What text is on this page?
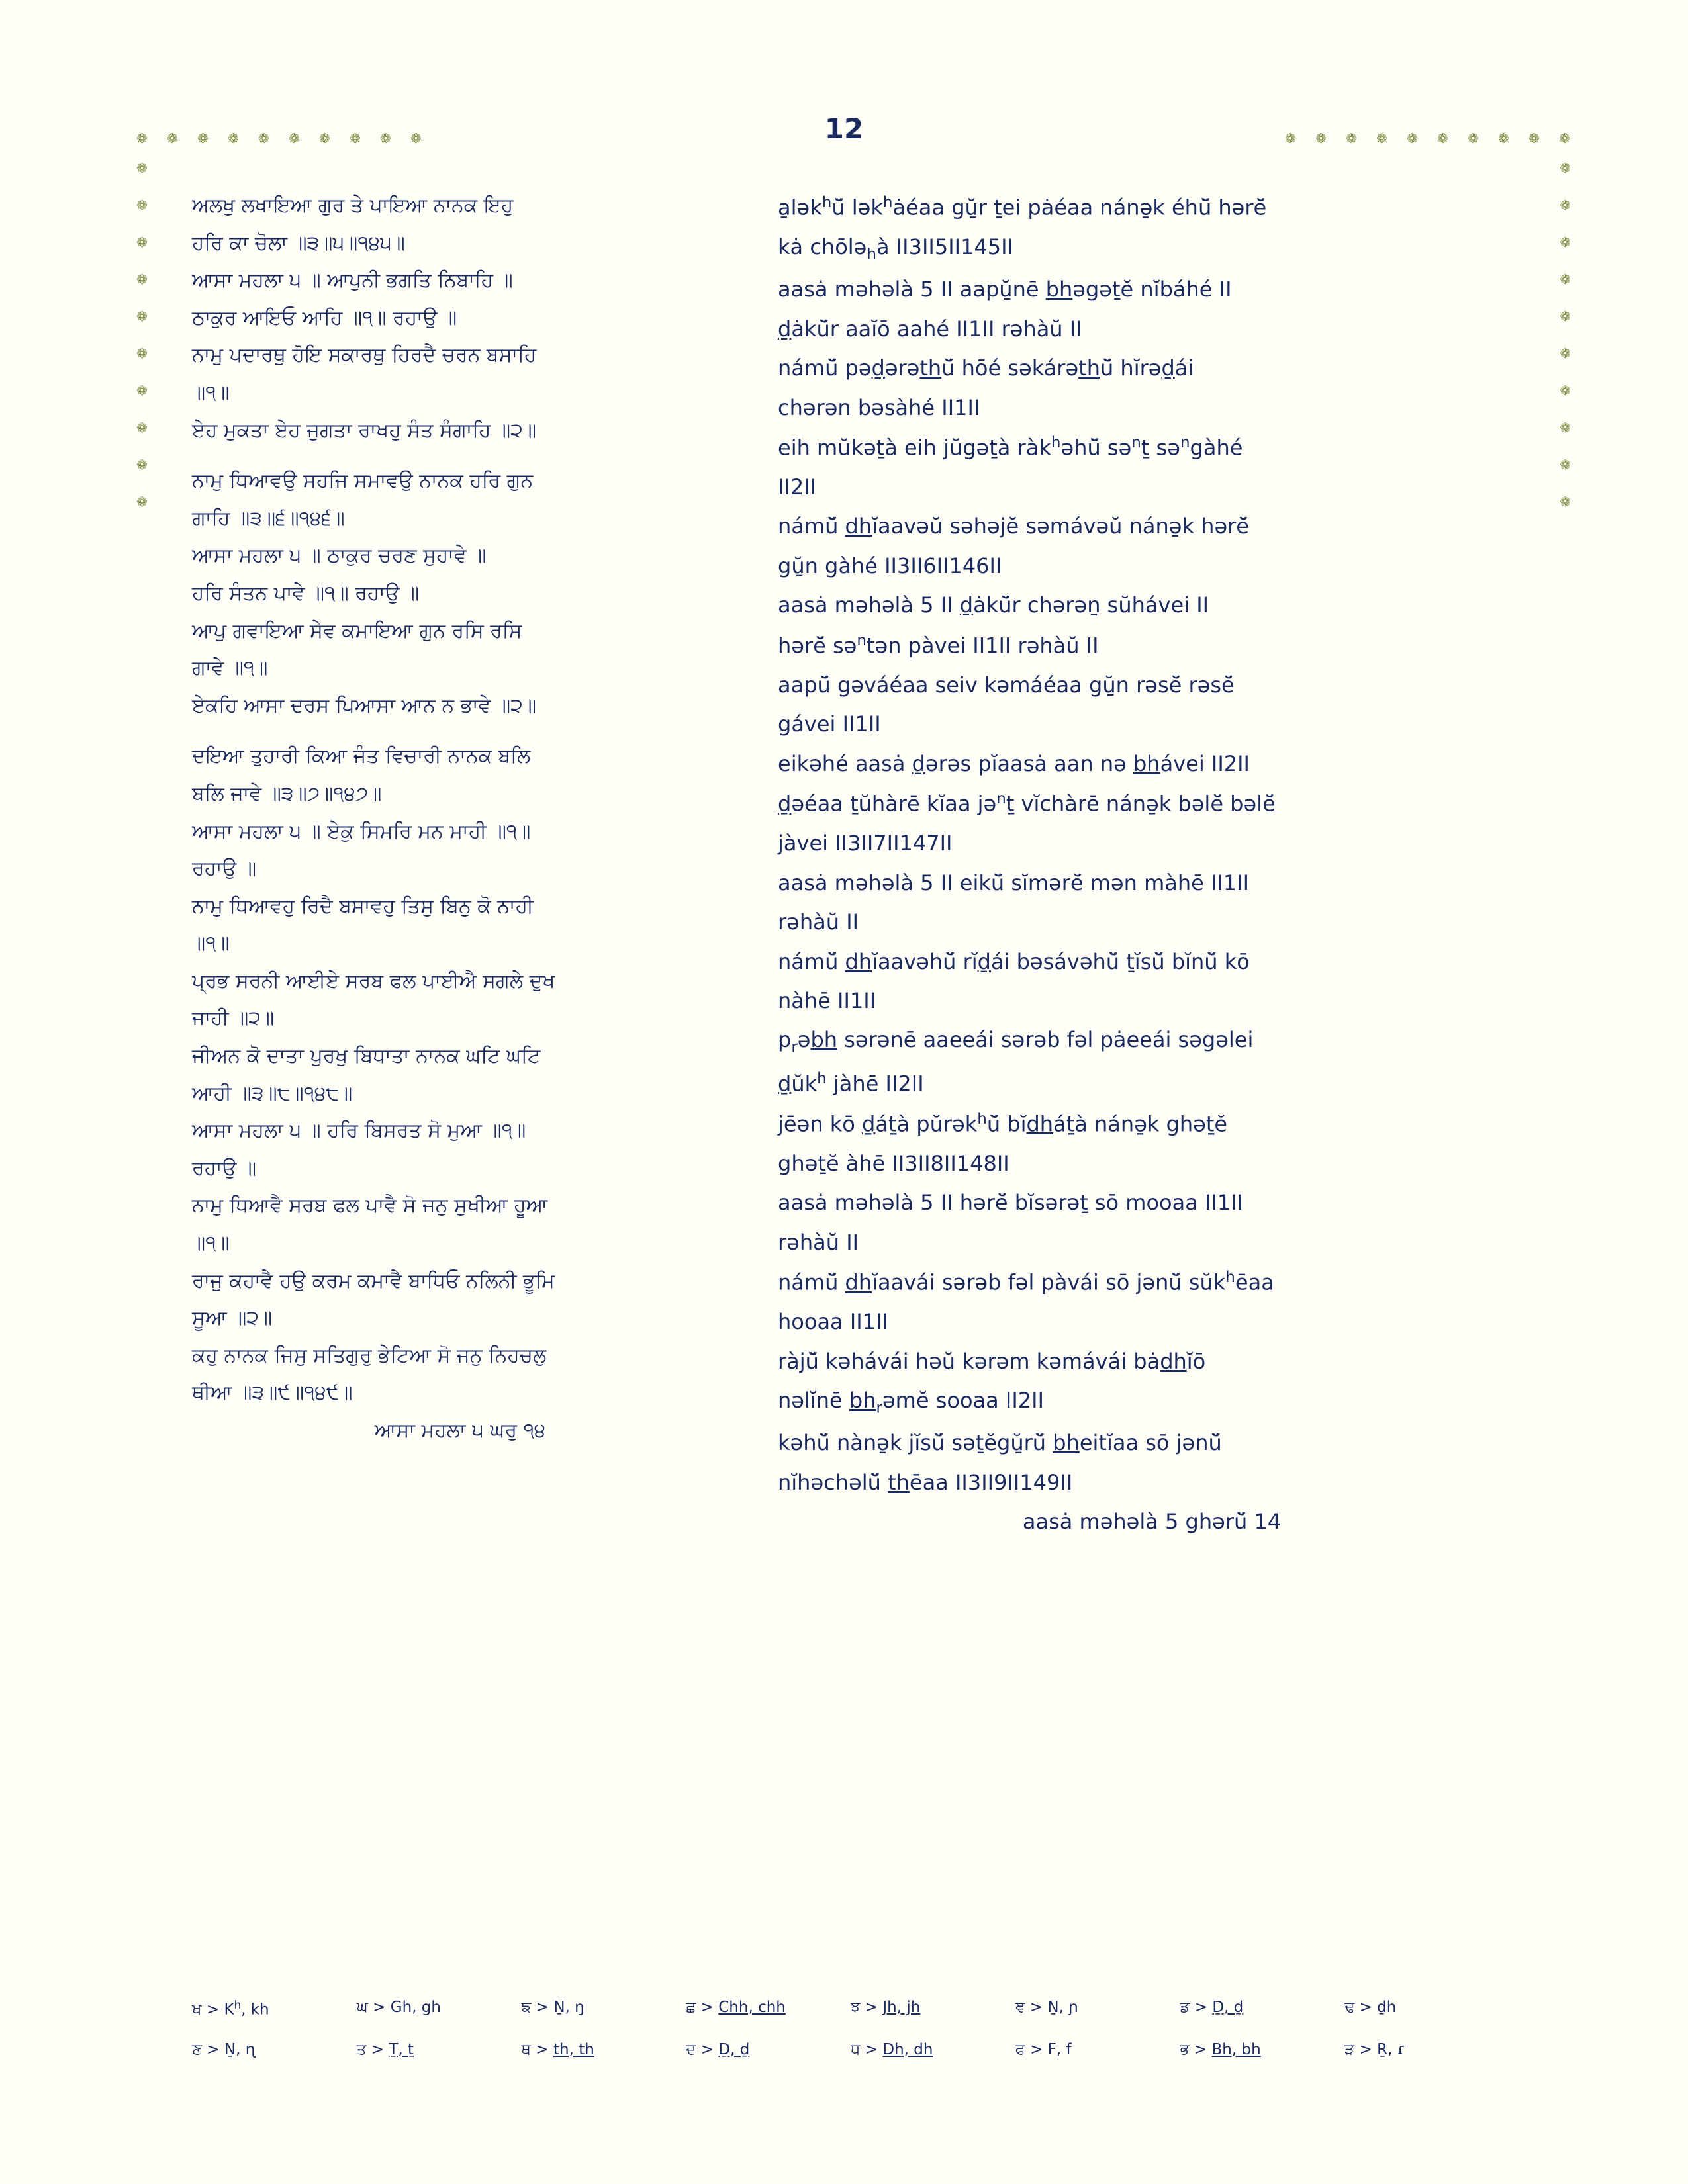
12
❁ ❁ ❁ ❁ ❁ ❁ ❁ ❁ ❁ ❁	❁ ❁ ❁ ❁ ❁ ❁ ❁ ❁ ❁ ❁
❁
❁
❁
❁
❁
❁
❁
❁
❁
❁
❁
❁
❁
❁
❁
❁
❁
❁
❁
❁
ਅਲਖੁ ਲਖਾਇਆ ਗੁਰ ਤੇ ਪਾਇਆ ਨਾਨਕ ਇਹੁ
ਹਰਿ ਕਾ ਚੋਲਾ ॥੩॥੫॥੧੪੫॥
ਆਸਾ ਮਹਲਾ ੫ ॥ ਆਪੁਨੀ ਭਗਤਿ ਨਿਬਾਹਿ ॥
ਠਾਕੁਰ ਆਇਓ ਆਹਿ ॥੧॥ ਰਹਾਉ ॥
ਨਾਮੁ ਪਦਾਰਥੁ ਹੋਇ ਸਕਾਰਥੁ ਹਿਰਦੈ ਚਰਨ ਬਸਾਹਿ
॥੧॥
ਏਹ ਮੁਕਤਾ ਏਹ ਜੁਗਤਾ ਰਾਖਹੁ ਸੰਤ ਸੰਗਾਹਿ ॥੨॥
ਨਾਮੁ ਧਿਆਵਉ ਸਹਜਿ ਸਮਾਵਉ ਨਾਨਕ ਹਰਿ ਗੁਨ
ਗਾਹਿ ॥੩॥੬॥੧੪੬॥
ਆਸਾ ਮਹਲਾ ੫ ॥ ਠਾਕੁਰ ਚਰਣ ਸੁਹਾਵੇ ॥
ਹਰਿ ਸੰਤਨ ਪਾਵੇ ॥੧॥ ਰਹਾਉ ॥
ਆਪੁ ਗਵਾਇਆ ਸੇਵ ਕਮਾਇਆ ਗੁਨ ਰਸਿ ਰਸਿ
ਗਾਵੇ ॥੧॥
ਏਕਹਿ ਆਸਾ ਦਰਸ ਪਿਆਸਾ ਆਨ ਨ ਭਾਵੇ ॥੨॥
ਦਇਆ ਤੁਹਾਰੀ ਕਿਆ ਜੰਤ ਵਿਚਾਰੀ ਨਾਨਕ ਬਲਿ
ਬਲਿ ਜਾਵੇ ॥੩॥੭॥੧੪੭॥
ਆਸਾ ਮਹਲਾ ੫ ॥ ਏਕੁ ਸਿਮਰਿ ਮਨ ਮਾਹੀ ॥੧॥
ਰਹਾਉ ॥
ਨਾਮੁ ਧਿਆਵਹੁ ਰਿਦੈ ਬਸਾਵਹੁ ਤਿਸੁ ਬਿਨੁ ਕੋ ਨਾਹੀ
॥੧॥
ਪ੍ਰਭ ਸਰਨੀ ਆਈਏ ਸਰਬ ਫਲ ਪਾਈਐ ਸਗਲੇ ਦੁਖ
ਜਾਹੀ ॥੨॥
ਜੀਅਨ ਕੋ ਦਾਤਾ ਪੁਰਖੁ ਬਿਧਾਤਾ ਨਾਨਕ ਘਟਿ ਘਟਿ
ਆਹੀ ॥੩॥੮॥੧੪੮॥
ਆਸਾ ਮਹਲਾ ੫ ॥ ਹਰਿ ਬਿਸਰਤ ਸੋ ਮੁਆ ॥੧॥
ਰਹਾਉ ॥
ਨਾਮੁ ਧਿਆਵੈ ਸਰਬ ਫਲ ਪਾਵੈ ਸੋ ਜਨੁ ਸੁਖੀਆ ਹੂਆ
॥੧॥
ਰਾਜੁ ਕਹਾਵੈ ਹਉ ਕਰਮ ਕਮਾਵੈ ਬਾਧਿਓ ਨਲਿਨੀ ਭੂਮਿ
ਸੂਆ ॥੨॥
ਕਹੁ ਨਾਨਕ ਜਿਸੁ ਸਤਿਗੁਰੁ ਭੇਟਿਆ ਸੋ ਜਨੁ ਨਿਹਚਲੁ
ਥੀਆ ॥੩॥੯॥੧੪੯॥
ਆਸਾ ਮਹਲਾ ੫ ਘਰੁ ੧੪
a̱lək$^h$ŭ̆ lək$^h$ȧéaa gŭ̱r ṯei pȧéaa nánə̱k éhŭ̆ hərĕ̆
kȧ chōlə$_h$à II3II5II145II
aasȧ məhəlà 5 II aapŭ̱nē bhəgəṯĕ nĭbáhé II
ḏȧkŭ̆r aaĭō aahé II1II rəhàŭ II
námŭ̆ pəḏərəthŭ̆ hōé səkárəthŭ̆ hĭrəḏái
chərən bəsàhé II1II
eih mŭkəṯà eih jŭgəṯà ràk$^h$əhŭ̆ sə$^n$ṯ sə$^n$gàhé
II2II
námŭ̆ dhĭaavəŭ səhəjĕ səmávəŭ nánə̱k hərĕ̆
gŭ̱n gàhé II3II6II146II
aasȧ məhəlà 5 II ḏȧkŭ̆r chərəṉ sŭhávei II
hərĕ̆ sə$^n$tən pàvei II1II rəhàŭ II
aapŭ̆ gəváéaa seiv kəmáéaa gŭ̱n rəsĕ̆ rəsĕ̆
gávei II1II
eikəhé aasȧ ḏərəs pĭaasȧ aan nə bhávei II2II
ḏəéaa ṯŭhàrē kĭaa jə$^n$ṯ vĭchàrē nánə̱k bəlĕ̆ bəlĕ̆
jàvei II3II7II147II
aasȧ məhəlà 5 II eikŭ̆ sĭmərĕ̆ mən màhē II1II
rəhàŭ II
námŭ̆ dhĭaavəhŭ̆ rĭḏái bəsávəhŭ̆ ṯĭsŭ̆ bĭnŭ̆ kō
nàhē II1II
$p_rəbh$ sərənē aaeeái sərəb fəl pȧeeái səgəlei
$ḏŭk^h$ jàhē II2II
jēən kō ḏáṯà pŭrək$^h$ŭ̆ bĭdháṯà nánə̱k ghəṯĕ
ghəṯĕ àhē II3II8II148II
aasȧ məhəlà 5 II hərĕ̆ bĭsərəṯ sō mooaa II1II
rəhàŭ II
námŭ̆ dhĭaavái sərəb fəl pàvái sō jənŭ̆ $sŭk^hēaa$
hooaa II1II
ràjŭ̆ kəhávái həŭ kərəm kəmávái bȧdhĭō
nəlĭnē $bh_rəmĕ$ sooaa II2II
kəhŭ̆ nànə̱k jĭsŭ̆ səṯĕgŭ̱rŭ̆ bheitĭaa sō jənŭ̆
nĭhəchəlŭ̆ thēaa II3II9II149II
aasȧ məhəlà 5 ghərŭ̆ 14
ਖ > $K^h$, kh	ਘ > Gh, gh	ਙ > Ṉ, ŋ	ਛ > Chh, chh	ਝ > Jh, jh	ਞ > Ṉ, ɲ	ਡ > Ḏ, ḏ	ਢ > ḏh
ਣ > Ṉ, ɳ	ਤ > Ṯ, ṯ	ਥ > th, th	ਦ > Ḏ, ḏ	ਧ > Dh, dh	ਫ > F, f	ਭ > Bh, bh	ੜ > Ṟ, ɾ
